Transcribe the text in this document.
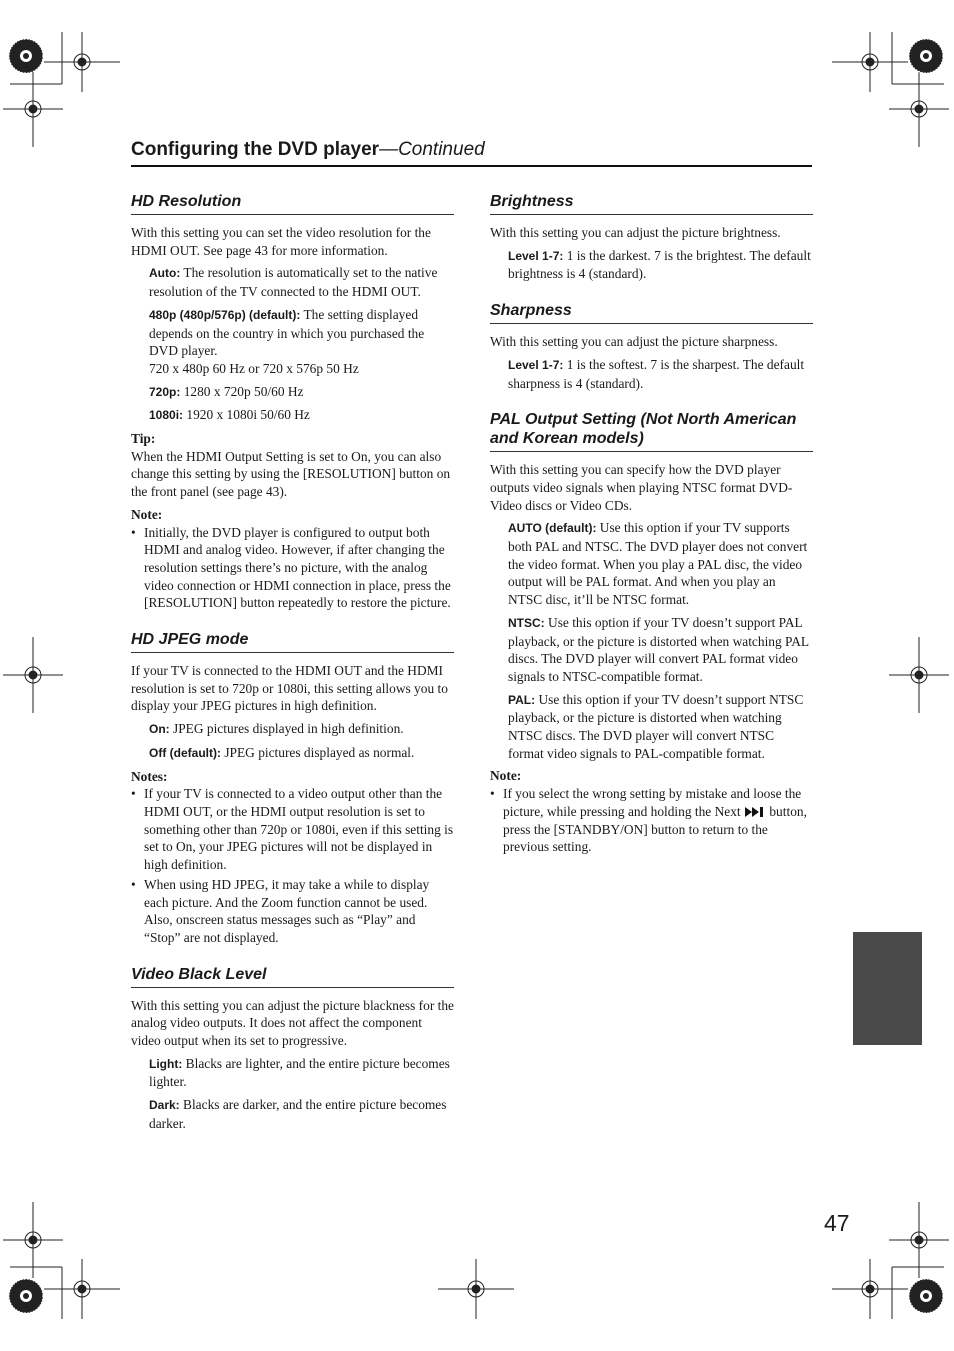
Configuring the DVD player—Continued
HD Resolution

With this setting you can set the video resolution for the HDMI OUT. See page 43 for more information.

Auto: The resolution is automatically set to the native resolution of the TV connected to the HDMI OUT.

480p (480p/576p) (default): The setting displayed depends on the country in which you purchased the DVD player.
720 x 480p 60 Hz or 720 x 576p 50 Hz

720p: 1280 x 720p 50/60 Hz

1080i: 1920 x 1080i 50/60 Hz

Tip:

When the HDMI Output Setting is set to On, you can also change this setting by using the [RESOLUTION] button on the front panel (see page 43).

Note:

• Initially, the DVD player is configured to output both HDMI and analog video. However, if after changing the resolution settings there’s no picture, with the analog video connection or HDMI connection in place, press the [RESOLUTION] button repeatedly to restore the picture.
HD JPEG mode

If your TV is connected to the HDMI OUT and the HDMI resolution is set to 720p or 1080i, this setting allows you to display your JPEG pictures in high definition.

On: JPEG pictures displayed in high definition.

Off (default): JPEG pictures displayed as normal.

Notes:

• If your TV is connected to a video output other than the HDMI OUT, or the HDMI output resolution is set to something other than 720p or 1080i, even if this setting is set to On, your JPEG pictures will not be displayed in high definition.
• When using HD JPEG, it may take a while to display each picture. And the Zoom function cannot be used. Also, onscreen status messages such as “Play” and “Stop” are not displayed.
Video Black Level

With this setting you can adjust the picture blackness for the analog video outputs. It does not affect the component video output when its set to progressive.

Light: Blacks are lighter, and the entire picture becomes lighter.

Dark: Blacks are darker, and the entire picture becomes darker.

Brightness

With this setting you can adjust the picture brightness.

Level 1-7: 1 is the darkest. 7 is the brightest. The default brightness is 4 (standard).

Sharpness

With this setting you can adjust the picture sharpness.

Level 1-7: 1 is the softest. 7 is the sharpest. The default sharpness is 4 (standard).

PAL Output Setting (Not North American and Korean models)

With this setting you can specify how the DVD player outputs video signals when playing NTSC format DVD-Video discs or Video CDs.

AUTO (default): Use this option if your TV supports both PAL and NTSC. The DVD player does not convert the video format. When you play a PAL disc, the video output will be PAL format. And when you play an NTSC disc, it’ll be NTSC format.

NTSC: Use this option if your TV doesn’t support PAL playback, or the picture is distorted when watching PAL discs. The DVD player will convert PAL format video signals to NTSC-compatible format.

PAL: Use this option if your TV doesn’t support NTSC playback, or the picture is distorted when watching NTSC discs. The DVD player will convert NTSC format video signals to PAL-compatible format.

Note:

• If you select the wrong setting by mistake and loose the picture, while pressing and holding the Next button, press the [STANDBY/ON] button to return to the previous setting.
47
